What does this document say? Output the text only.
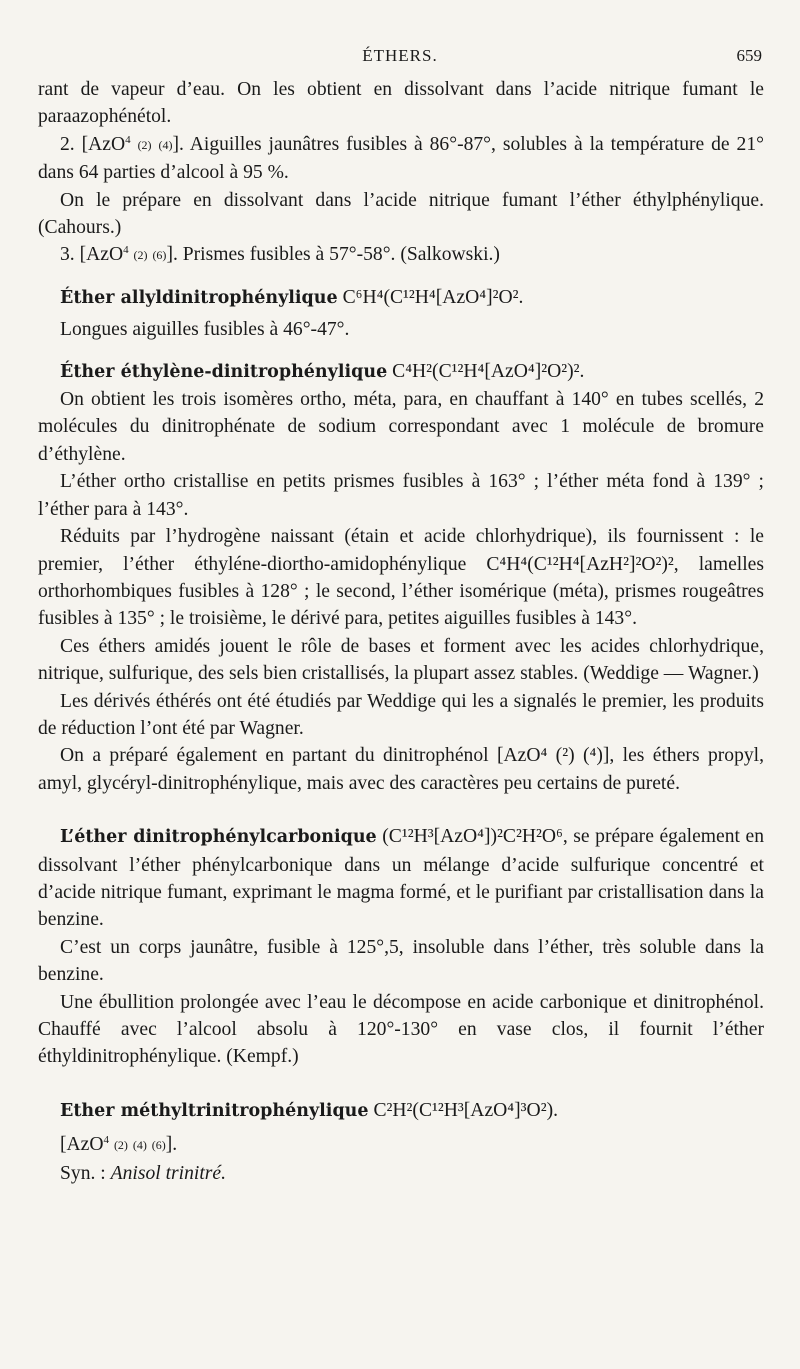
ÉTHERS.	659

rant de vapeur d’eau. On les obtient en dissolvant dans l’acide nitrique fumant le paraazophénétol.

2. [AzO$^4$ (2) (4)]. Aiguilles jaunâtres fusibles à 86°-87°, solubles à la température de 21° dans 64 parties d’alcool à 95 %.

On le prépare en dissolvant dans l’acide nitrique fumant l’éther éthylphénylique. (Cahours.)

3. [AzO$^4$ (2) (6)]. Prismes fusibles à 57°-58°. (Salkowski.)

Éther allyldinitrophénylique C⁶H⁴(C¹²H⁴[AzO⁴]²O².

Longues aiguilles fusibles à 46°-47°.

Éther éthylène-dinitrophénylique C⁴H²(C¹²H⁴[AzO⁴]²O²)².

On obtient les trois isomères ortho, méta, para, en chauffant à 140° en tubes scellés, 2 molécules du dinitrophénate de sodium correspondant avec 1 molécule de bromure d’éthylène.

L’éther ortho cristallise en petits prismes fusibles à 163° ; l’éther méta fond à 139° ; l’éther para à 143°.

Réduits par l’hydrogène naissant (étain et acide chlorhydrique), ils fournissent : le premier, l’éther éthyléne-diortho-amidophénylique C⁴H⁴(C¹²H⁴[AzH²]²O²)², lamelles orthorhombiques fusibles à 128° ; le second, l’éther isomérique (méta), prismes rougeâtres fusibles à 135° ; le troisième, le dérivé para, petites aiguilles fusibles à 143°.

Ces éthers amidés jouent le rôle de bases et forment avec les acides chlorhydrique, nitrique, sulfurique, des sels bien cristallisés, la plupart assez stables. (Weddige — Wagner.)

Les dérivés éthérés ont été étudiés par Weddige qui les a signalés le premier, les produits de réduction l’ont été par Wagner.

On a préparé également en partant du dinitrophénol [AzO⁴ (²) (⁴)], les éthers propyl, amyl, glycéryl-dinitrophénylique, mais avec des caractères peu certains de pureté.

L’éther dinitrophénylcarbonique (C¹²H³[AzO⁴])²C²H²O⁶, se prépare également en dissolvant l’éther phénylcarbonique dans un mélange d’acide sulfurique concentré et d’acide nitrique fumant, exprimant le magma formé, et le purifiant par cristallisation dans la benzine.

C’est un corps jaunâtre, fusible à 125°,5, insoluble dans l’éther, très soluble dans la benzine.

Une ébullition prolongée avec l’eau le décompose en acide carbonique et dinitrophénol. Chauffé avec l’alcool absolu à 120°-130° en vase clos, il fournit l’éther éthyldinitrophénylique. (Kempf.)

Ether méthyltrinitrophénylique C²H²(C¹²H³[AzO⁴]³O²).

[AzO$^4$ (2) (4) (6)].

Syn. : Anisol trinitré.
